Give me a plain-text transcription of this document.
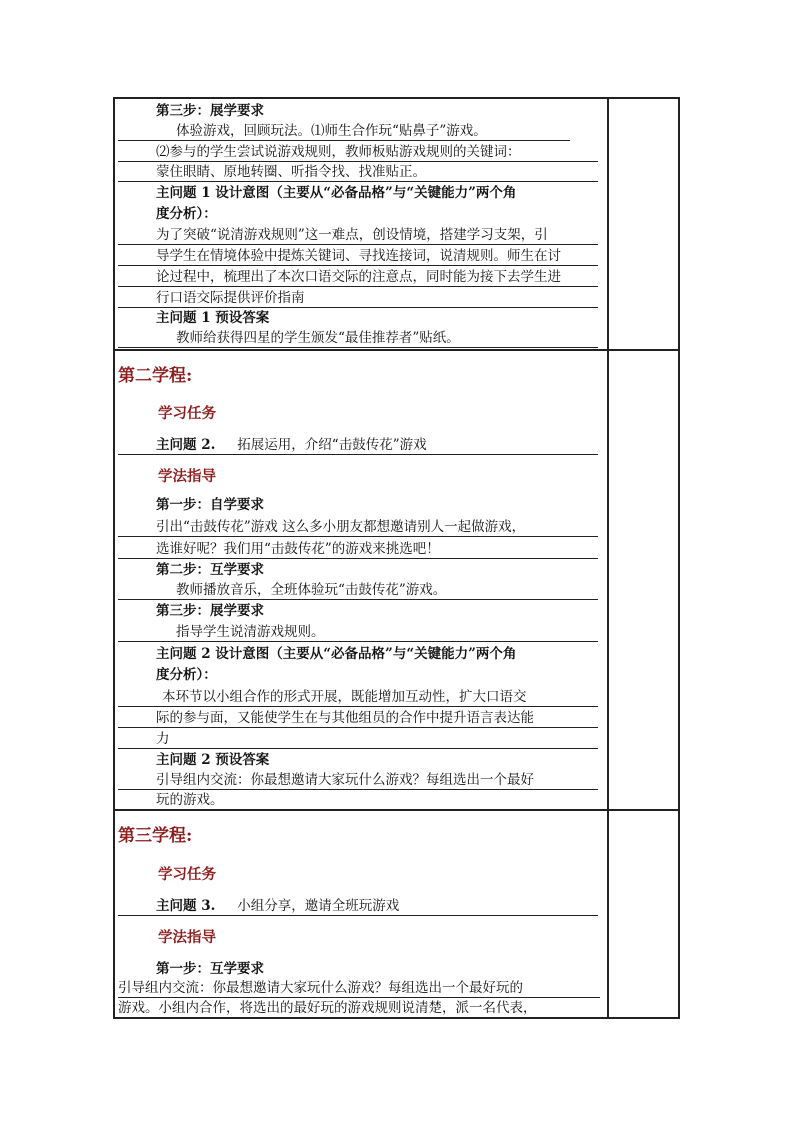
第三步：展学要求
体验游戏，回顾玩法。⑴师生合作玩“贴鼻子”游戏。
⑵参与的学生尝试说游戏规则，教师板贴游戏规则的关键词：
蒙住眼睛、原地转圈、听指令找、找准贴正。
主问题 1 设计意图（主要从“必备品格”与“关键能力”两个角
度分析）：
为了突破“说清游戏规则”这一难点，创设情境，搭建学习支架，引
导学生在情境体验中提炼关键词、寻找连接词，说清规则。师生在讨
论过程中，梳理出了本次口语交际的注意点，同时能为接下去学生进
行口语交际提供评价指南
主问题 1 预设答案
教师给获得四星的学生颁发“最佳推荐者”贴纸。
第二学程:
学习任务
主问题 2. 拓展运用，介绍“击鼓传花”游戏
学法指导
第一步：自学要求
引出“击鼓传花”游戏 这么多小朋友都想邀请别人一起做游戏，
选谁好呢？我们用“击鼓传花”的游戏来挑选吧！
第二步：互学要求
教师播放音乐，全班体验玩“击鼓传花”游戏。
第三步：展学要求
指导学生说清游戏规则。
主问题 2 设计意图（主要从“必备品格”与“关键能力”两个角
度分析）：
本环节以小组合作的形式开展，既能增加互动性，扩大口语交
际的参与面，又能使学生在与其他组员的合作中提升语言表达能
力
主问题 2 预设答案
引导组内交流：你最想邀请大家玩什么游戏？每组选出一个最好
玩的游戏。
第三学程:
学习任务
主问题 3. 小组分享，邀请全班玩游戏
学法指导
第一步：互学要求
引导组内交流：你最想邀请大家玩什么游戏？每组选出一个最好玩的
游戏。小组内合作，将选出的最好玩的游戏规则说清楚，派一名代表，
